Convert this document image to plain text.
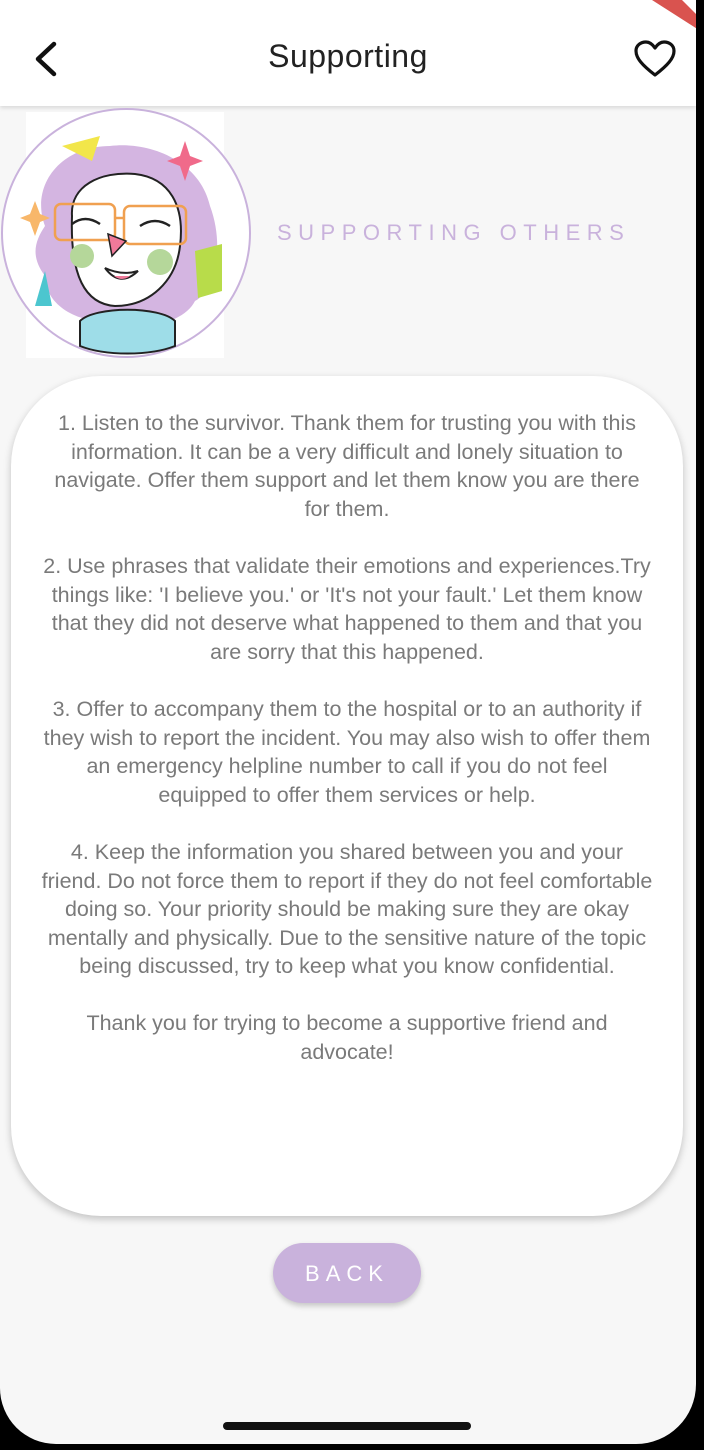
Supporting
SUPPORTING OTHERS

1. Listen to the survivor. Thank them for trusting you with this information. It can be a very difficult and lonely situation to navigate. Offer them support and let them know you are there for them.

2. Use phrases that validate their emotions and experiences.Try things like: 'I believe you.' or 'It's not your fault.' Let them know that they did not deserve what happened to them and that you are sorry that this happened.

3. Offer to accompany them to the hospital or to an authority if they wish to report the incident. You may also wish to offer them an emergency helpline number to call if you do not feel equipped to offer them services or help.

4. Keep the information you shared between you and your friend. Do not force them to report if they do not feel comfortable doing so. Your priority should be making sure they are okay mentally and physically. Due to the sensitive nature of the topic being discussed, try to keep what you know confidential.

Thank you for trying to become a supportive friend and advocate!

BACK
